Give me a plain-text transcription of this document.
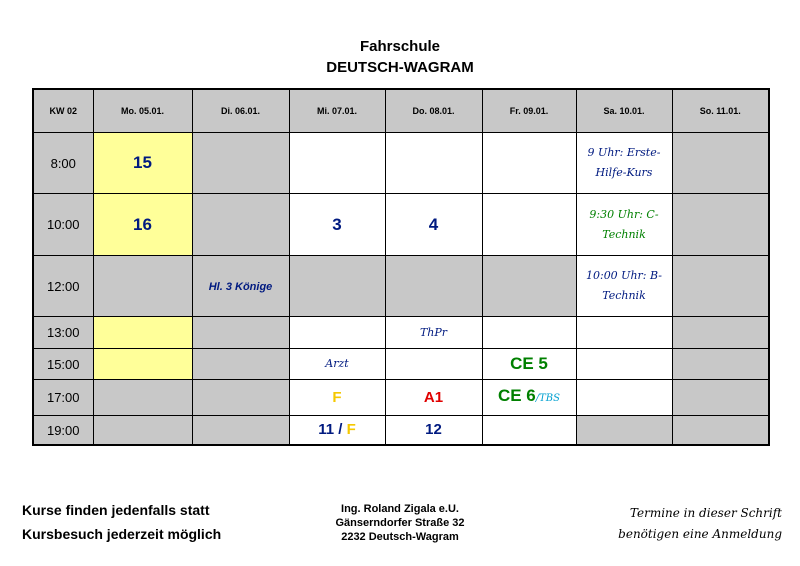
Fahrschule
DEUTSCH-WAGRAM
KW 02	Mo. 05.01.	Di. 06.01.	Mi. 07.01.	Do. 08.01.	Fr. 09.01.	Sa. 10.01.	So. 11.01.
8:00	15					9 Uhr: Erste-Hilfe-Kurs	

10:00	16		3	4		9:30 Uhr: C-Technik	

12:00		Hl. 3 Könige				10:00 Uhr: B-Technik	

13:00				ThPr			
15:00			Arzt		CE 5		
17:00			F	A1	CE 6/TBS		
19:00			11 / F	12			
Kurse finden jedenfalls statt
Kursbesuch jederzeit möglich
Ing. Roland Zigala e.U.
Gänserndorfer Straße 32
2232 Deutsch-Wagram
Termine in dieser Schrift
benötigen eine Anmeldung
